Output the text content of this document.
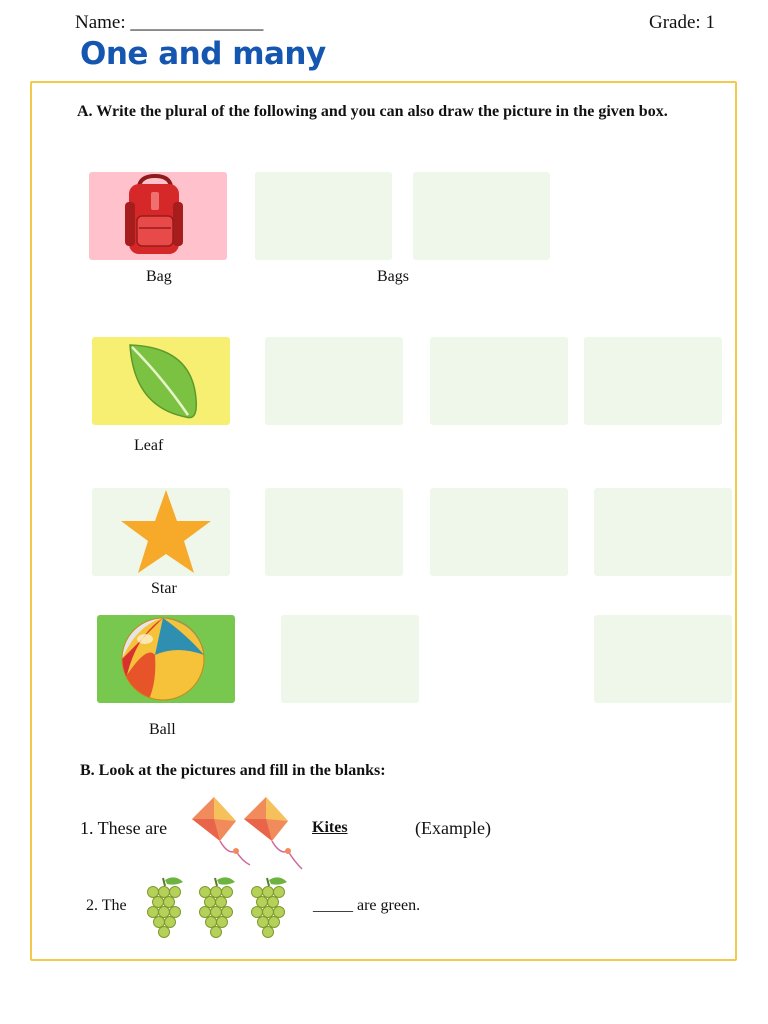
Name: ______________	Grade: 1
One and many
A. Write the plural of the following and you can also draw the picture in the given box.
Bag	Bags
Leaf
Star
Ball
B. Look at the pictures and fill in the blanks:
1. These are	Kites	(Example)
2. The	_____ are green.
